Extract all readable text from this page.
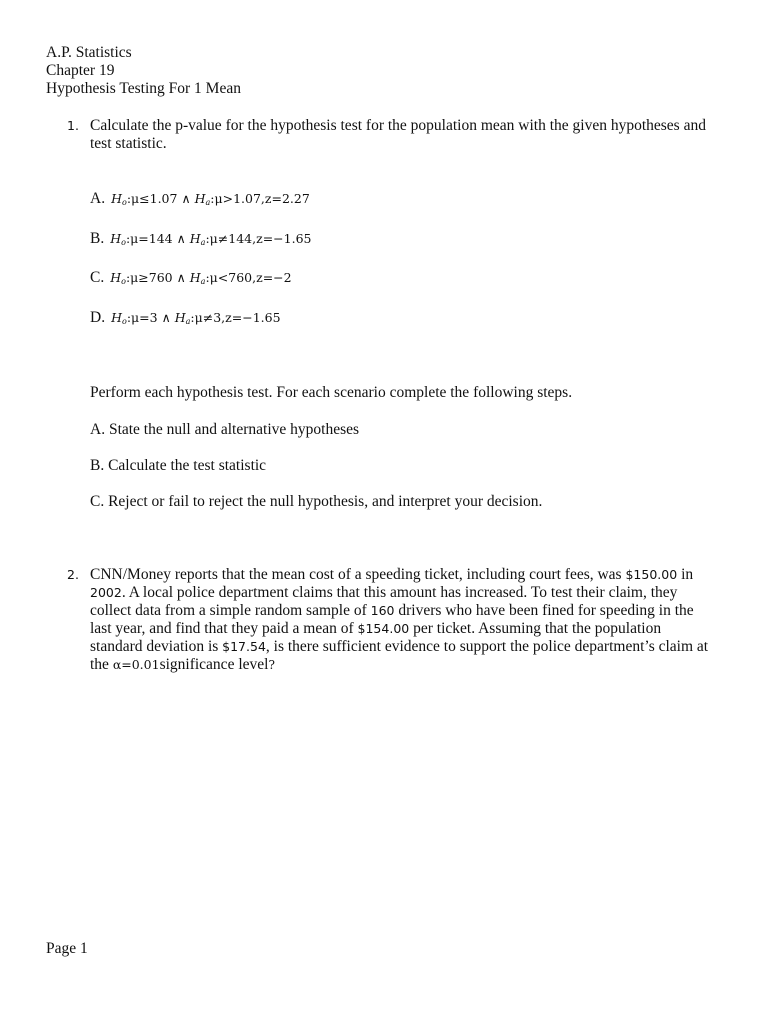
A.P. Statistics
Chapter 19
Hypothesis Testing For 1 Mean
1. Calculate the p-value for the hypothesis test for the population mean with the given hypotheses and test statistic.
A. $H_o:\mu\le 1.07$ ∧ $H_a:\mu>1.07,z=2.27$
B. $H_o:\mu=144$ ∧ $H_a:\mu\ne 144,z=-1.65$
C. $H_o:\mu\ge 760$ ∧ $H_a:\mu<760,z=-2$
D. $H_o:\mu=3$ ∧ $H_a:\mu\ne 3,z=-1.65$
Perform each hypothesis test. For each scenario complete the following steps.
A. State the null and alternative hypotheses
B. Calculate the test statistic
C. Reject or fail to reject the null hypothesis, and interpret your decision.
2. CNN/Money reports that the mean cost of a speeding ticket, including court fees, was $150.00 in 2002. A local police department claims that this amount has increased. To test their claim, they collect data from a simple random sample of 160 drivers who have been fined for speeding in the last year, and find that they paid a mean of $154.00 per ticket. Assuming that the population standard deviation is $17.54, is there sufficient evidence to support the police department’s claim at the α=0.01significance level?
Page 1
